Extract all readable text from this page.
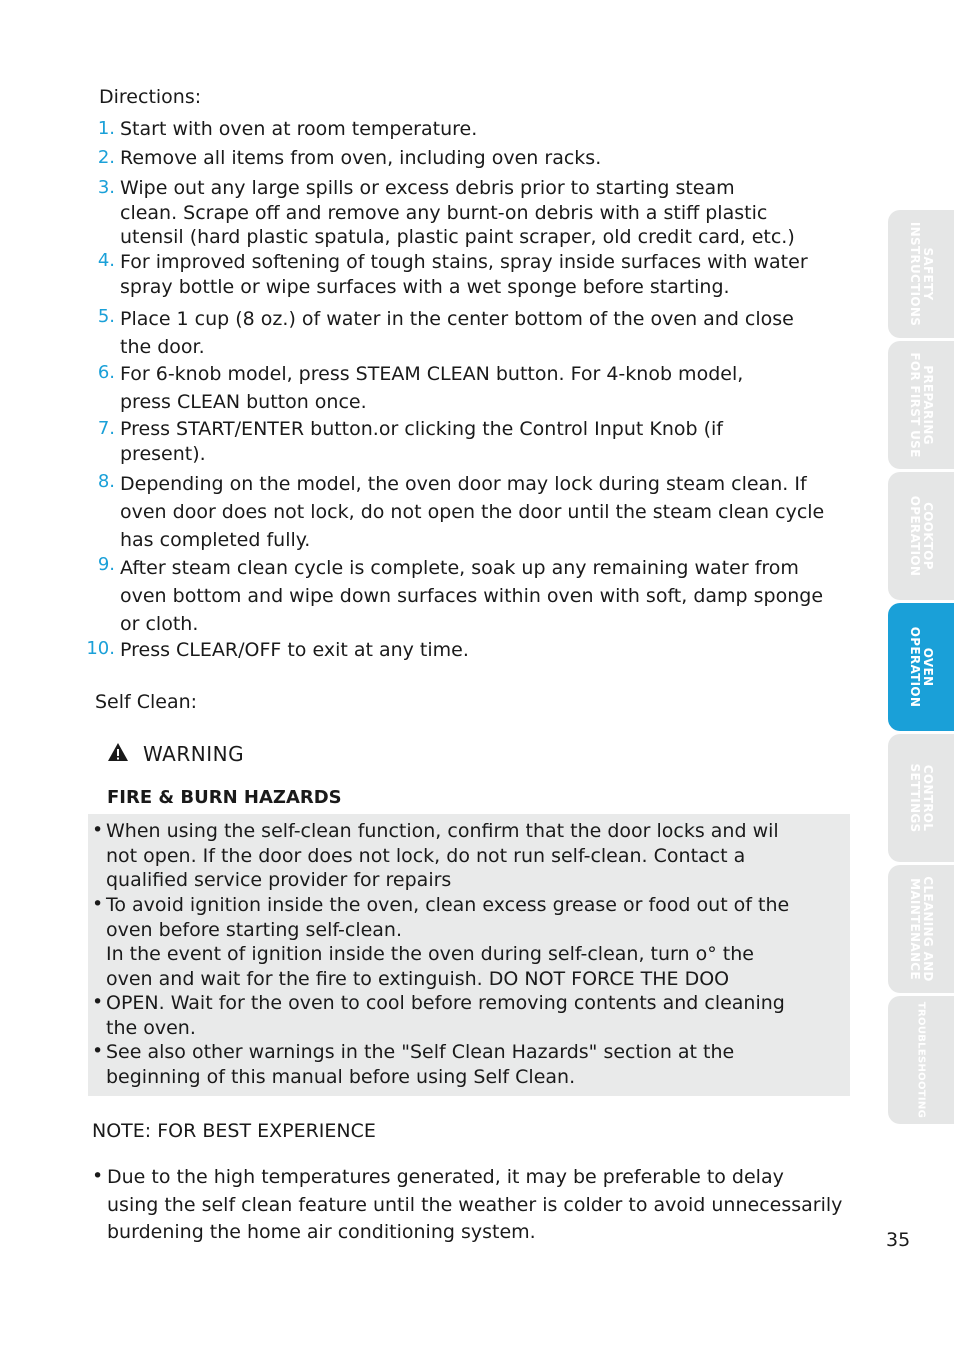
Directions:
1. Start with oven at room temperature.
2. Remove all items from oven, including oven racks.
3. Wipe out any large spills or excess debris prior to starting steam
clean. Scrape off and remove any burnt-on debris with a stiff plastic
utensil (hard plastic spatula, plastic paint scraper, old credit card, etc.)
4. For improved softening of tough stains, spray inside surfaces with water
spray bottle or wipe surfaces with a wet sponge before starting.
5. Place 1 cup (8 oz.) of water in the center bottom of the oven and close
the door.
6. For 6-knob model, press STEAM CLEAN button. For 4-knob model,
press CLEAN button once.
7. Press START/ENTER button.or clicking the Control Input Knob (if
present).
8. Depending on the model, the oven door may lock during steam clean. If
oven door does not lock, do not open the door until the steam clean cycle
has completed fully.
9. After steam clean cycle is complete, soak up any remaining water from
oven bottom and wipe down surfaces within oven with soft, damp sponge
or cloth.
10. Press CLEAR/OFF to exit at any time.
Self Clean:
WARNING
FIRE & BURN HAZARDS
• When using the self-clean function, confirm that the door locks and wil
not open. If the door does not lock, do not run self-clean. Contact a
qualified service provider for repairs
• To avoid ignition inside the oven, clean excess grease or food out of the
oven before starting self-clean.
In the event of ignition inside the oven during self-clean, turn o° the
oven and wait for the fire to extinguish. DO NOT FORCE THE DOO
• OPEN. Wait for the oven to cool before removing contents and cleaning
the oven.
• See also other warnings in the "Self Clean Hazards" section at the
beginning of this manual before using Self Clean.
NOTE: FOR BEST EXPERIENCE
• Due to the high temperatures generated, it may be preferable to delay
using the self clean feature until the weather is colder to avoid unnecessarily
burdening the home air conditioning system.
SAFETY
INSTRUCTIONS
PREPARING
FOR FIRST USE
COOKTOP
OPERATION
OVEN
OPERATION
CONTROL
SETTINGS
CLEANING AND
MAINTENANCE
TROUBLESHOOTING
35
